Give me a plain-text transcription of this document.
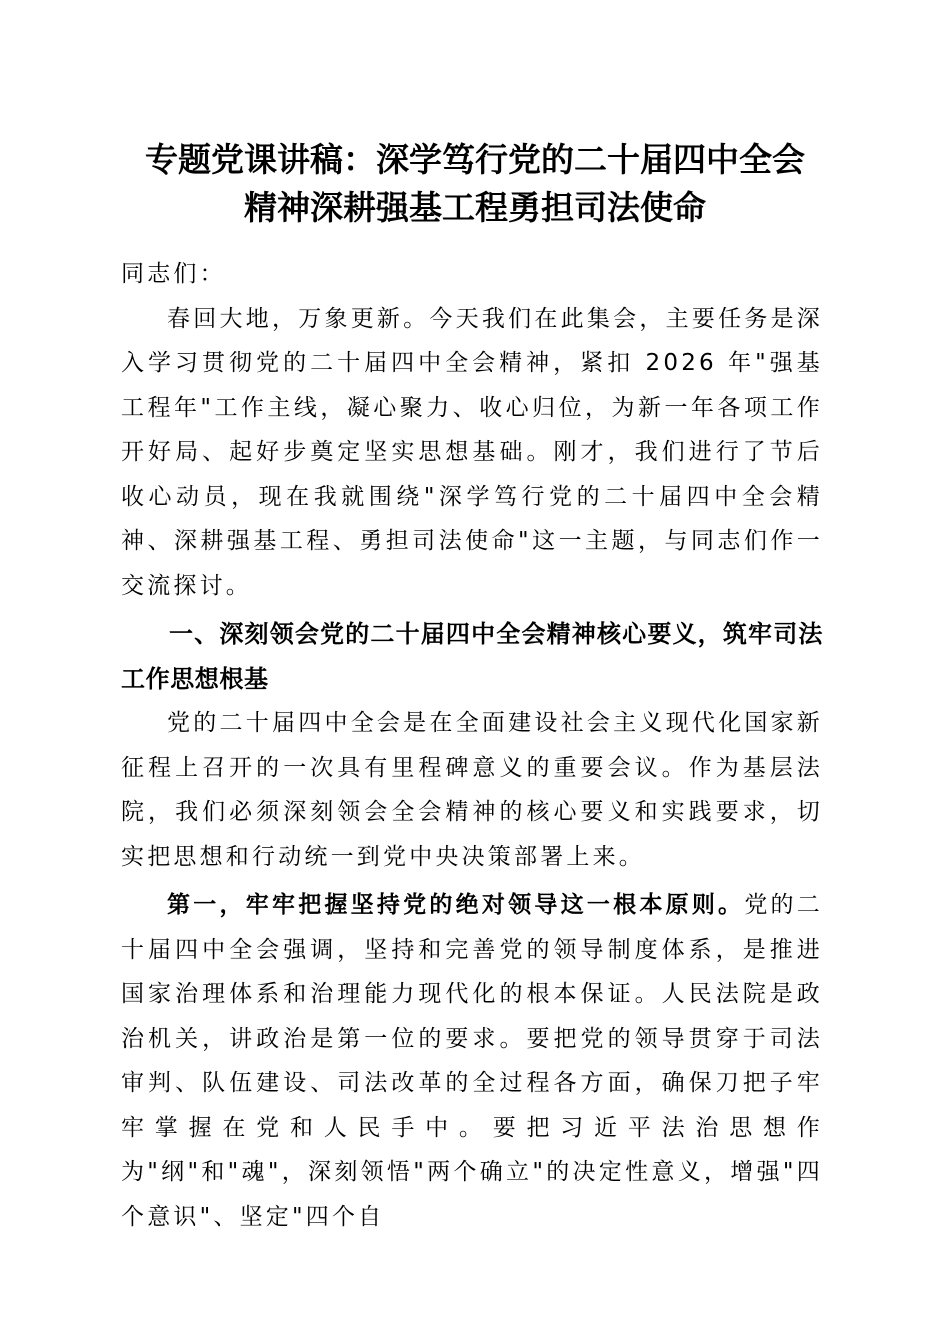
专题党课讲稿：深学笃行党的二十届四中全会
精神深耕强基工程勇担司法使命

同志们：

春回大地，万象更新。今天我们在此集会，主要任务是深入学习贯彻党的二十届四中全会精神，紧扣 2026 年"强基工程年"工作主线，凝心聚力、收心归位，为新一年各项工作开好局、起好步奠定坚实思想基础。刚才，我们进行了节后收心动员，现在我就围绕"深学笃行党的二十届四中全会精神、深耕强基工程、勇担司法使命"这一主题，与同志们作一交流探讨。

一、深刻领会党的二十届四中全会精神核心要义，筑牢司法工作思想根基

党的二十届四中全会是在全面建设社会主义现代化国家新征程上召开的一次具有里程碑意义的重要会议。作为基层法院，我们必须深刻领会全会精神的核心要义和实践要求，切实把思想和行动统一到党中央决策部署上来。

第一，牢牢把握坚持党的绝对领导这一根本原则。党的二十届四中全会强调，坚持和完善党的领导制度体系，是推进国家治理体系和治理能力现代化的根本保证。人民法院是政治机关，讲政治是第一位的要求。要把党的领导贯穿于司法审判、队伍建设、司法改革的全过程各方面，确保刀把子牢牢掌握在党和人民手中。要把习近平法治思想作为"纲"和"魂"，深刻领悟"两个确立"的决定性意义，增强"四个意识"、坚定"四个自
